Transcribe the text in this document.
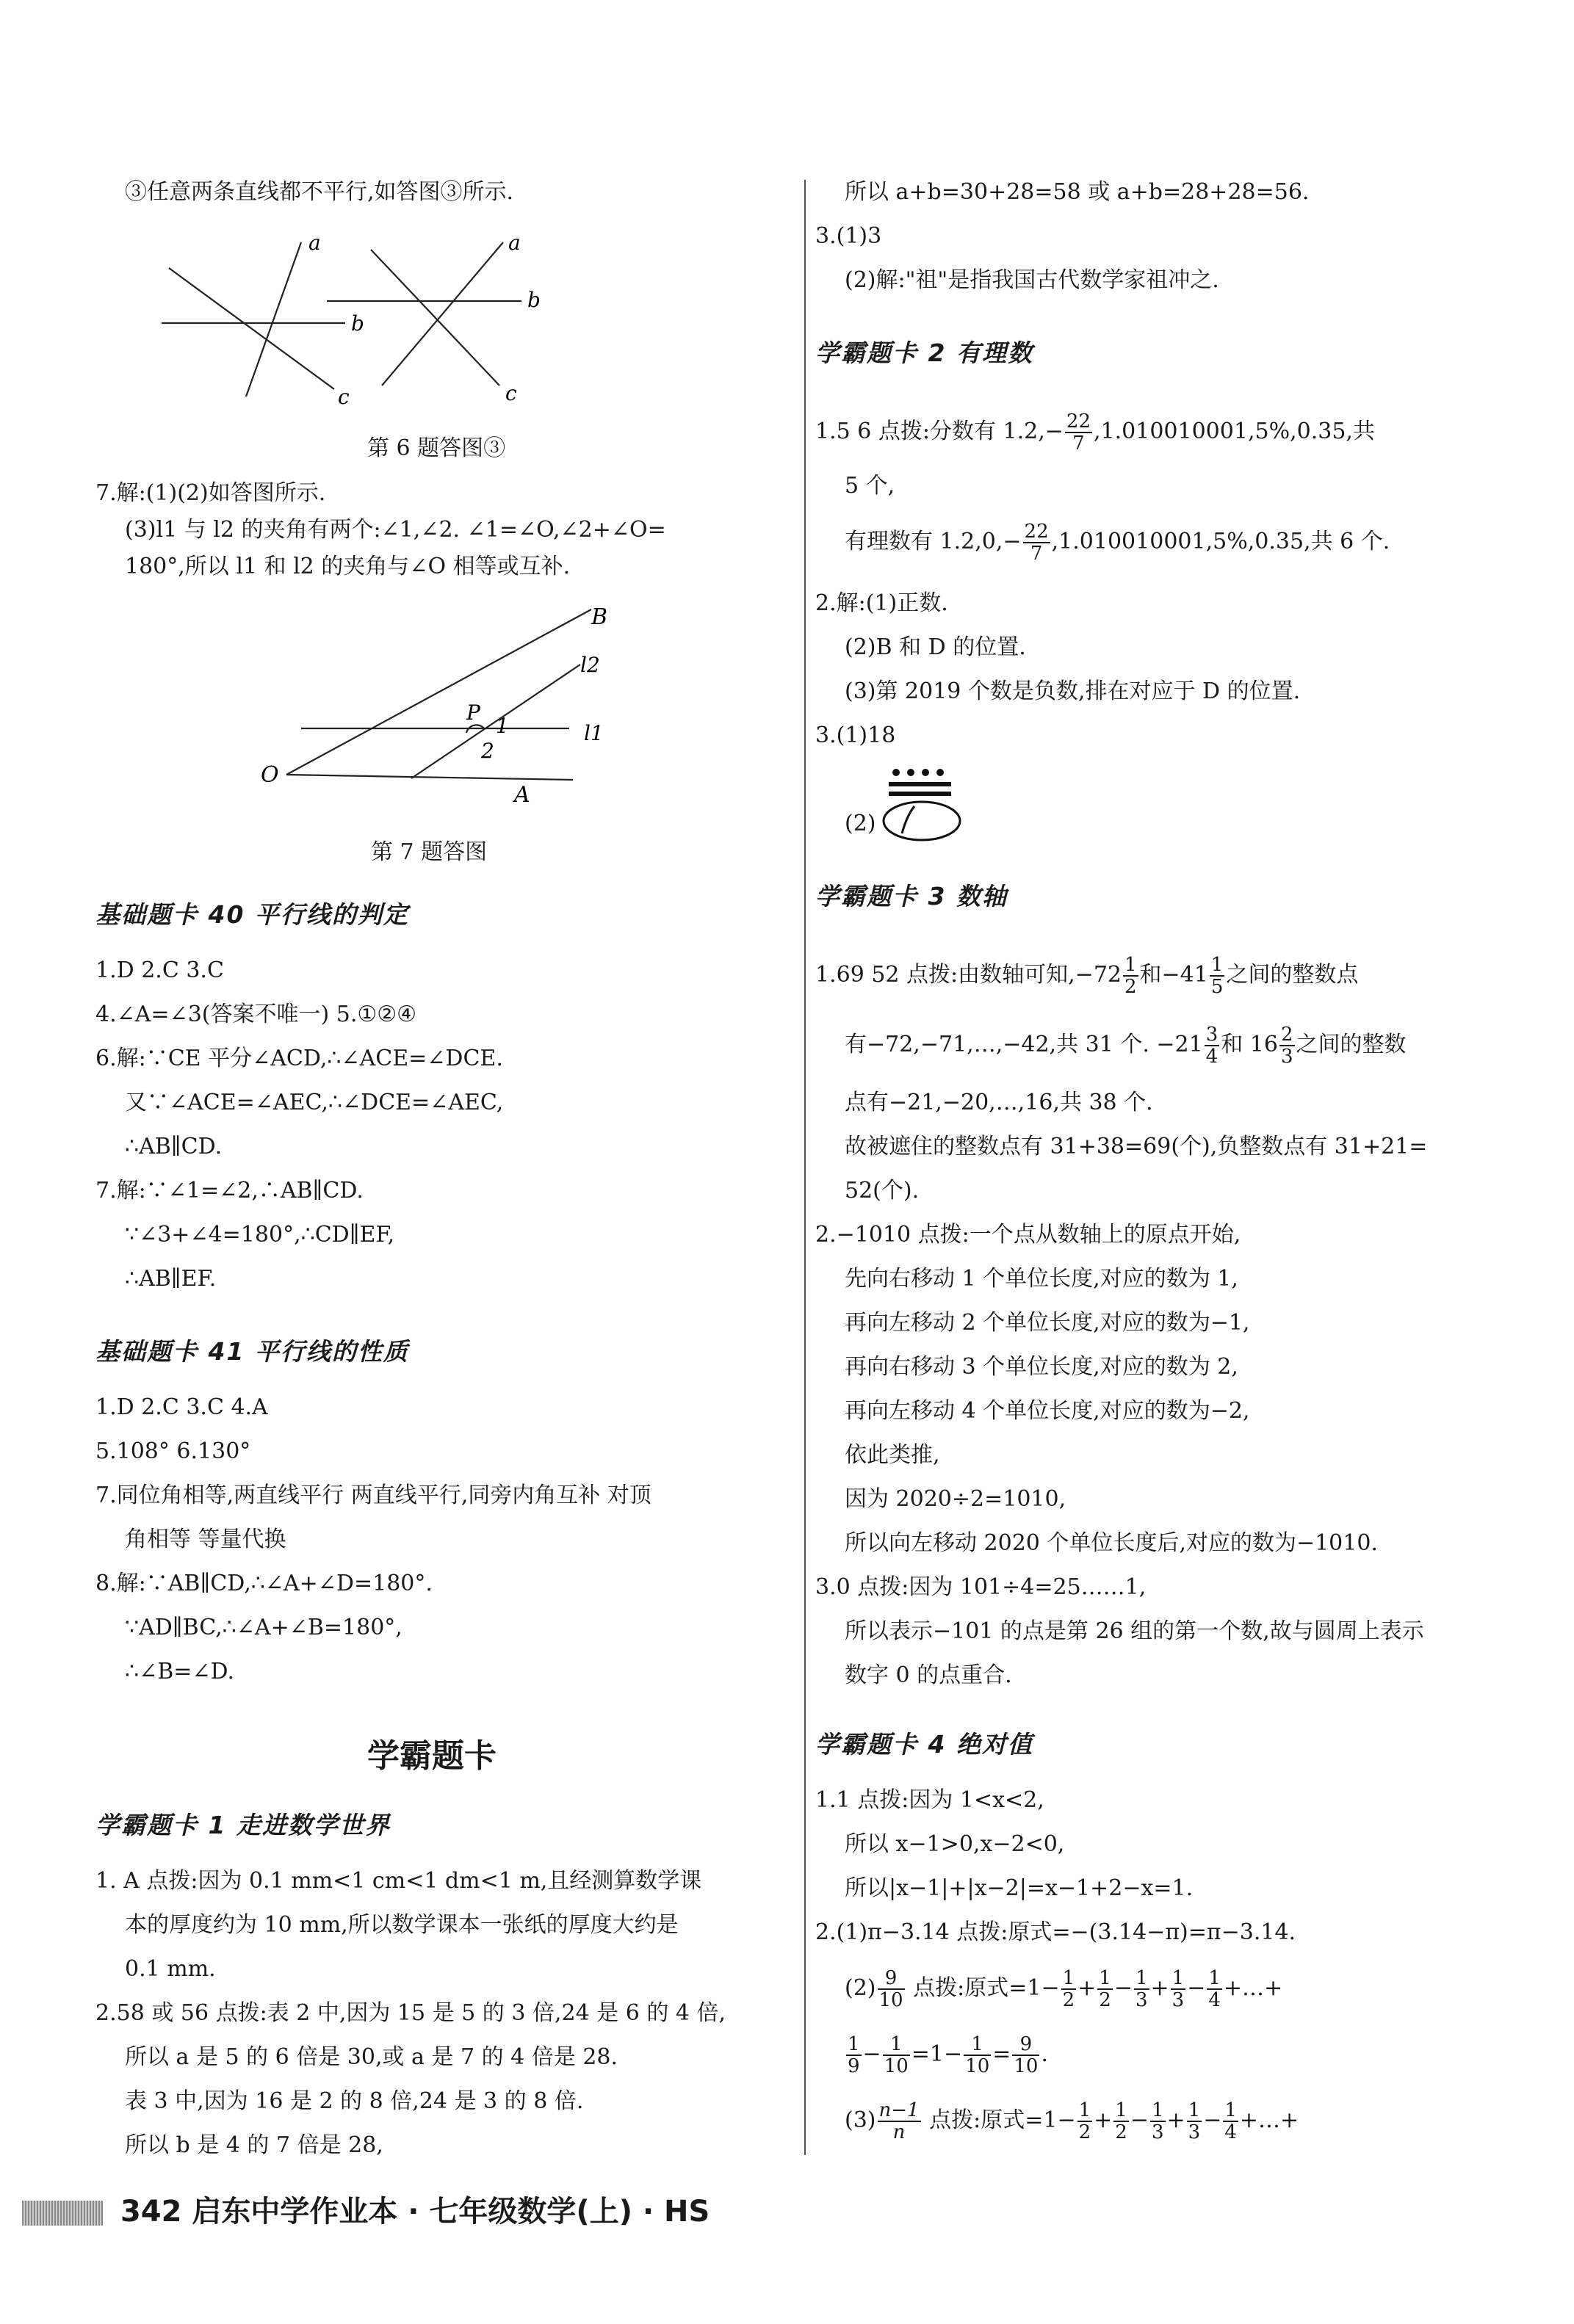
③任意两条直线都不平行,如答图③所示.
a
b
c
a
b
c
第 6 题答图③
7.解:(1)(2)如答图所示.
(3)l1 与 l2 的夹角有两个:∠1,∠2. ∠1=∠O,∠2+∠O=
180°,所以 l1 和 l2 的夹角与∠O 相等或互补.
B
l2
P
1
2
l1
O
A
第 7 题答图
基础题卡 40 平行线的判定
1.D 2.C 3.C
4.∠A=∠3(答案不唯一) 5.①②④
6.解:∵CE 平分∠ACD,∴∠ACE=∠DCE.
又∵∠ACE=∠AEC,∴∠DCE=∠AEC,
∴AB∥CD.
7.解:∵∠1=∠2,∴AB∥CD.
∵∠3+∠4=180°,∴CD∥EF,
∴AB∥EF.
基础题卡 41 平行线的性质
1.D 2.C 3.C 4.A
5.108° 6.130°
7.同位角相等,两直线平行 两直线平行,同旁内角互补 对顶
角相等 等量代换
8.解:∵AB∥CD,∴∠A+∠D=180°.
∵AD∥BC,∴∠A+∠B=180°,
∴∠B=∠D.
学霸题卡
学霸题卡 1 走进数学世界
1. A 点拨:因为 0.1 mm<1 cm<1 dm<1 m,且经测算数学课
本的厚度约为 10 mm,所以数学课本一张纸的厚度大约是
0.1 mm.
2.58 或 56 点拨:表 2 中,因为 15 是 5 的 3 倍,24 是 6 的 4 倍,
所以 a 是 5 的 6 倍是 30,或 a 是 7 的 4 倍是 28.
表 3 中,因为 16 是 2 的 8 倍,24 是 3 的 8 倍.
所以 b 是 4 的 7 倍是 28,
所以 a+b=30+28=58 或 a+b=28+28=56.
3.(1)3
(2)解:"祖"是指我国古代数学家祖冲之.
学霸题卡 2 有理数
1.5 6 点拨:分数有 $1.2,- \frac{22}{7} ,1.010010001,5\%,0.35$,共
5 个,
有理数有 $1.2,0,- \frac{22}{7} ,1.010010001,5\%,0.35$,共 6 个.
2.解:(1)正数.
(2)B 和 D 的位置.
(3)第 2019 个数是负数,排在对应于 D 的位置.
3.(1)18
(2)
学霸题卡 3 数轴
1.69 52 点拨:由数轴可知$,-72 \frac{1}{2}$ 和$-41 \frac{1}{5}$ 之间的整数点
有−72,−71,…,−42,共 31 个. $-21 \frac{3}{4}$ 和 $16 \frac{2}{3}$ 之间的整数
点有−21,−20,…,16,共 38 个.
故被遮住的整数点有 31+38=69(个),负整数点有 31+21=
52(个).
2.−1010 点拨:一个点从数轴上的原点开始,
先向右移动 1 个单位长度,对应的数为 1,
再向左移动 2 个单位长度,对应的数为−1,
再向右移动 3 个单位长度,对应的数为 2,
再向左移动 4 个单位长度,对应的数为−2,
依此类推,
因为 2020÷2=1010,
所以向左移动 2020 个单位长度后,对应的数为−1010.
3.0 点拨:因为 101÷4=25……1,
所以表示−101 的点是第 26 组的第一个数,故与圆周上表示
数字 0 的点重合.
学霸题卡 4 绝对值
1.1 点拨:因为 1<x<2,
所以 x−1>0,x−2<0,
所以|x−1|+|x−2|=x−1+2−x=1.
2.(1)π−3.14 点拨:原式=−(3.14−π)=π−3.14.
$(2) \frac{9}{10}$ 点拨:原式$=1- \frac{1}{2} + \frac{1}{2} - \frac{1}{3} + \frac{1}{3} - \frac{1}{4}$ +…+
$\frac{1}{9} - \frac{1}{10} =1- \frac{1}{10} = \frac{9}{10}$ .
$(3) \frac{n-1}{n}$ 点拨:原式$=1- \frac{1}{2} + \frac{1}{2} - \frac{1}{3} + \frac{1}{3} - \frac{1}{4}$ +…+
342 启东中学作业本 · 七年级数学(上) · HS
